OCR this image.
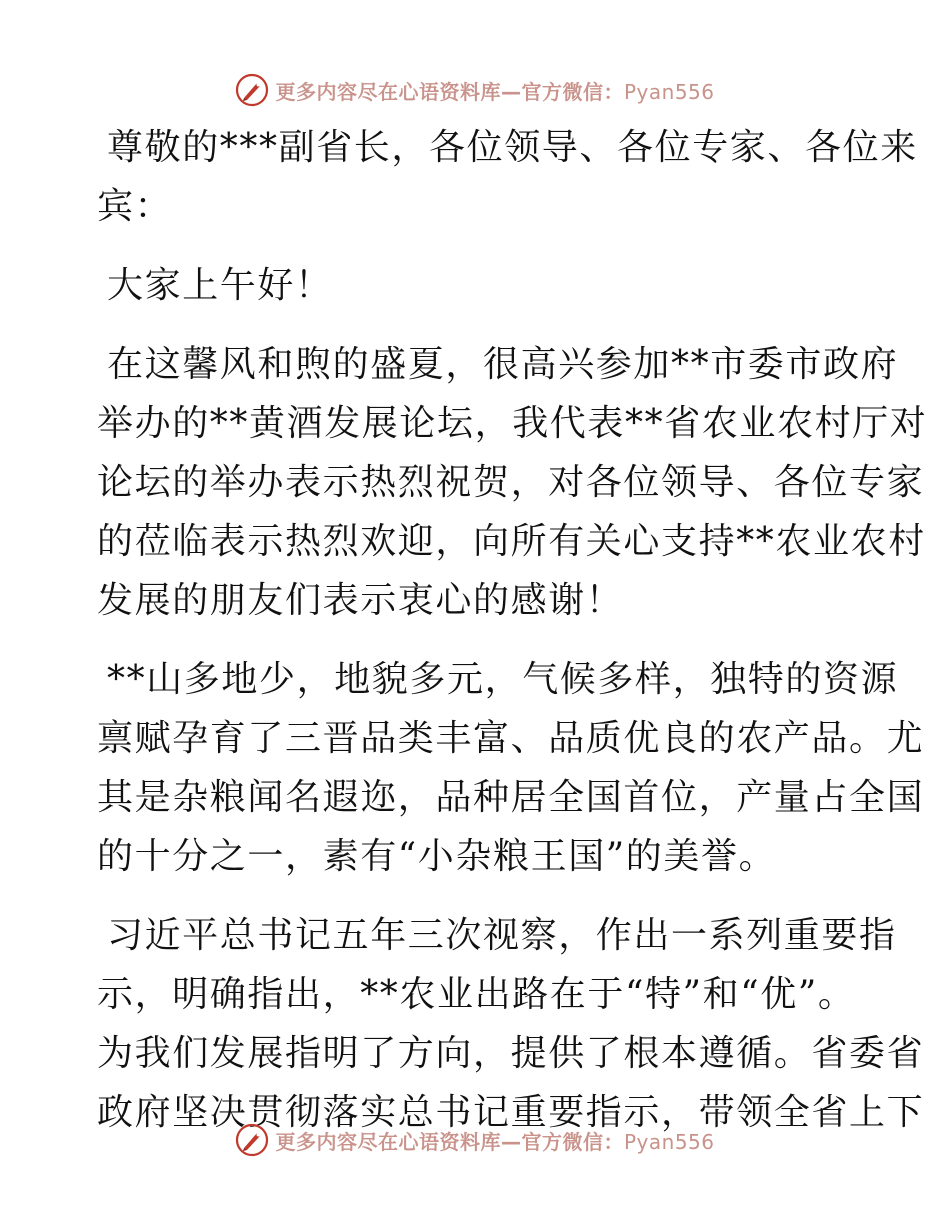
更多内容尽在心语资料库—官方微信：Pyan556
尊敬的***副省长，各位领导、各位专家、各位来
宾：
大家上午好！
在这馨风和煦的盛夏，很高兴参加**市委市政府
举办的**黄酒发展论坛，我代表**省农业农村厅对
论坛的举办表示热烈祝贺，对各位领导、各位专家
的莅临表示热烈欢迎，向所有关心支持**农业农村
发展的朋友们表示衷心的感谢！
**山多地少，地貌多元，气候多样，独特的资源
禀赋孕育了三晋品类丰富、品质优良的农产品。尤
其是杂粮闻名遐迩，品种居全国首位，产量占全国
的十分之一，素有“小杂粮王国”的美誉。
习近平总书记五年三次视察，作出一系列重要指
示，明确指出，**农业出路在于“特”和“优”。
为我们发展指明了方向，提供了根本遵循。省委省
政府坚决贯彻落实总书记重要指示，带领全省上下
更多内容尽在心语资料库—官方微信：Pyan556
